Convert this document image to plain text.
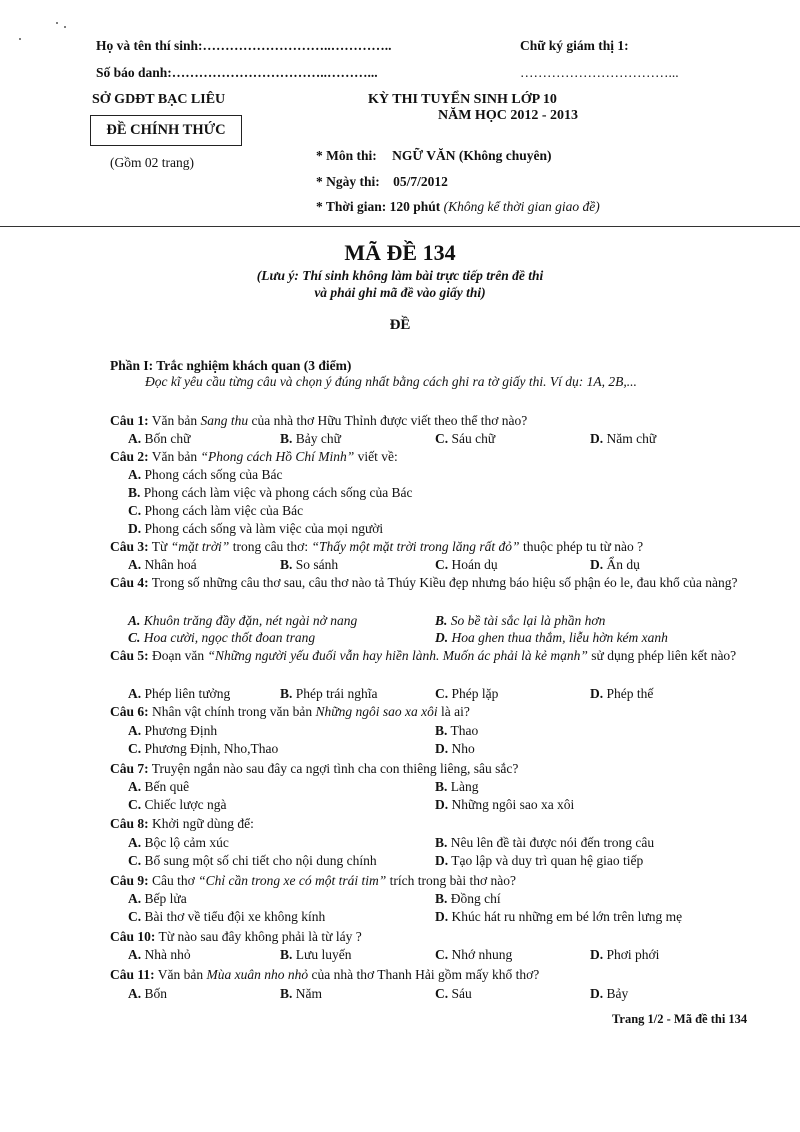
Họ và tên thí sinh:………………………..…………..	Chữ ký giám thị 1:
Số báo danh:……………………………..………...	……………………………...
SỞ GDĐT BẠC LIÊU	KỲ THI TUYỂN SINH LỚP 10
NĂM HỌC 2012 - 2013
ĐỀ CHÍNH THỨC
(Gồm 02 trang)	* Môn thi: NGỮ VĂN (Không chuyên)
* Ngày thi: 05/7/2012
* Thời gian: 120 phút (Không kể thời gian giao đề)
MÃ ĐỀ 134
(Lưu ý: Thí sinh không làm bài trực tiếp trên đề thi
và phải ghi mã đề vào giấy thi)
ĐỀ
Phần I: Trắc nghiệm khách quan (3 điểm)
Đọc kĩ yêu cầu từng câu và chọn ý đúng nhất bằng cách ghi ra tờ giấy thi. Ví dụ: 1A, 2B,...
Câu 1: Văn bản Sang thu của nhà thơ Hữu Thỉnh được viết theo thể thơ nào?
A. Bốn chữ	B. Bảy chữ	C. Sáu chữ	D. Năm chữ
Câu 2: Văn bản “Phong cách Hồ Chí Minh” viết về:
A. Phong cách sống của Bác
B. Phong cách làm việc và phong cách sống của Bác
C. Phong cách làm việc của Bác
D. Phong cách sống và làm việc của mọi người
Câu 3: Từ “mặt trời” trong câu thơ: “Thấy một mặt trời trong lăng rất đỏ” thuộc phép tu từ nào ?
A. Nhân hoá	B. So sánh	C. Hoán dụ	D. Ẩn dụ
Câu 4: Trong số những câu thơ sau, câu thơ nào tả Thúy Kiều đẹp nhưng báo hiệu số phận éo le, đau khổ của nàng?
A. Khuôn trăng đầy đặn, nét ngài nở nang	B. So bề tài sắc lại là phần hơn
C. Hoa cười, ngọc thốt đoan trang	D. Hoa ghen thua thắm, liễu hờn kém xanh
Câu 5: Đoạn văn “Những người yếu đuối vẫn hay hiền lành. Muốn ác phải là kẻ mạnh” sử dụng phép liên kết nào?
A. Phép liên tưởng	B. Phép trái nghĩa	C. Phép lặp	D. Phép thế
Câu 6: Nhân vật chính trong văn bản Những ngôi sao xa xôi là ai?
A. Phương Định	B. Thao
C. Phương Định, Nho,Thao	D. Nho
Câu 7: Truyện ngắn nào sau đây ca ngợi tình cha con thiêng liêng, sâu sắc?
A. Bến quê	B. Làng
C. Chiếc lược ngà	D. Những ngôi sao xa xôi
Câu 8: Khởi ngữ dùng để:
A. Bộc lộ cảm xúc	B. Nêu lên đề tài được nói đến trong câu
C. Bổ sung một số chi tiết cho nội dung chính	D. Tạo lập và duy trì quan hệ giao tiếp
Câu 9: Câu thơ “Chỉ cần trong xe có một trái tim” trích trong bài thơ nào?
A. Bếp lửa	B. Đồng chí
C. Bài thơ về tiểu đội xe không kính	D. Khúc hát ru những em bé lớn trên lưng mẹ
Câu 10: Từ nào sau đây không phải là từ láy ?
A. Nhà nhỏ	B. Lưu luyến	C. Nhớ nhung	D. Phơi phới
Câu 11: Văn bản Mùa xuân nho nhỏ của nhà thơ Thanh Hải gồm mấy khổ thơ?
A. Bốn	B. Năm	C. Sáu	D. Bảy
Trang 1/2 - Mã đề thi 134
